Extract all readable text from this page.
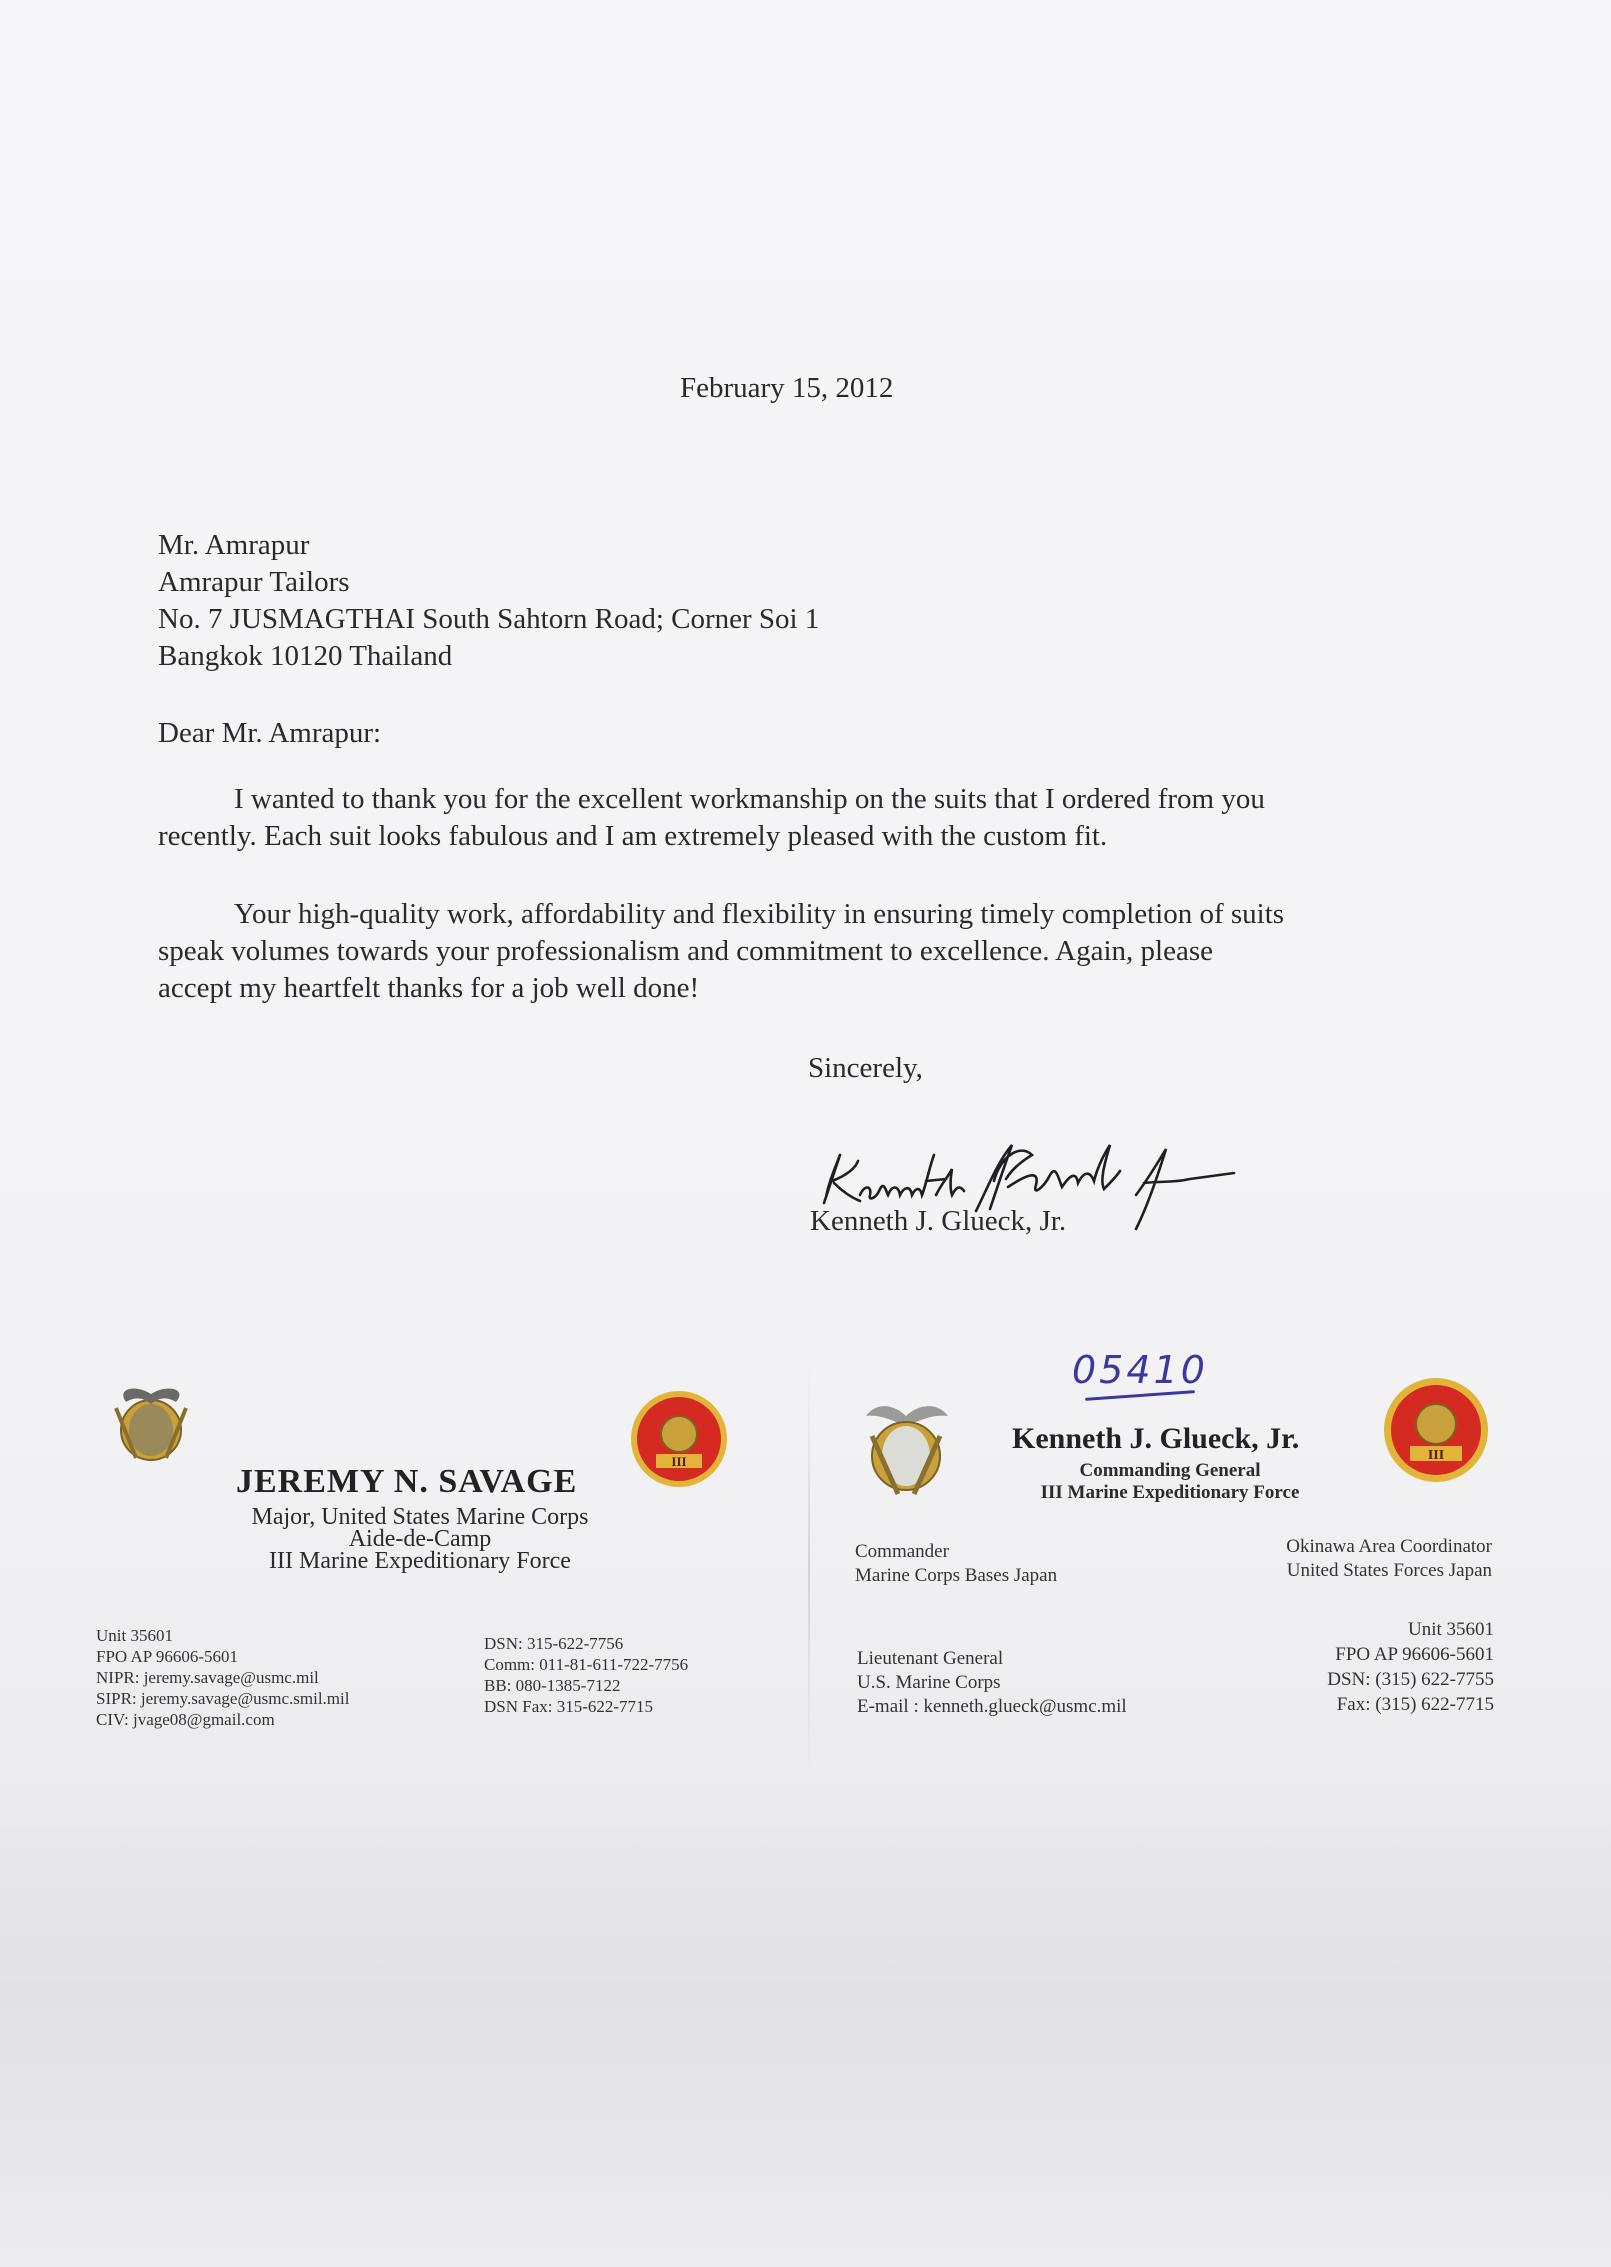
February 15, 2012
Mr. Amrapur
Amrapur Tailors
No. 7 JUSMAGTHAI South Sahtorn Road; Corner Soi 1
Bangkok 10120 Thailand
Dear Mr. Amrapur:
I wanted to thank you for the excellent workmanship on the suits that I ordered from you
recently. Each suit looks fabulous and I am extremely pleased with the custom fit.
Your high-quality work, affordability and flexibility in ensuring timely completion of suits
speak volumes towards your professionalism and commitment to excellence. Again, please
accept my heartfelt thanks for a job well done!
Sincerely,
Kenneth J. Glueck, Jr.
III
JEREMY N. SAVAGE
Major, United States Marine Corps
Aide-de-Camp
III Marine Expeditionary Force
Unit 35601
FPO AP 96606-5601
NIPR: jeremy.savage@usmc.mil
SIPR: jeremy.savage@usmc.smil.mil
CIV: jvage08@gmail.com
DSN: 315-622-7756
Comm: 011-81-611-722-7756
BB: 080-1385-7122
DSN Fax: 315-622-7715
05410
III
Kenneth J. Glueck, Jr.
Commanding General
III Marine Expeditionary Force
Commander
Marine Corps Bases Japan
Okinawa Area Coordinator
United States Forces Japan
Lieutenant General
U.S. Marine Corps
E-mail : kenneth.glueck@usmc.mil
Unit 35601
FPO AP 96606-5601
DSN: (315) 622-7755
Fax: (315) 622-7715
